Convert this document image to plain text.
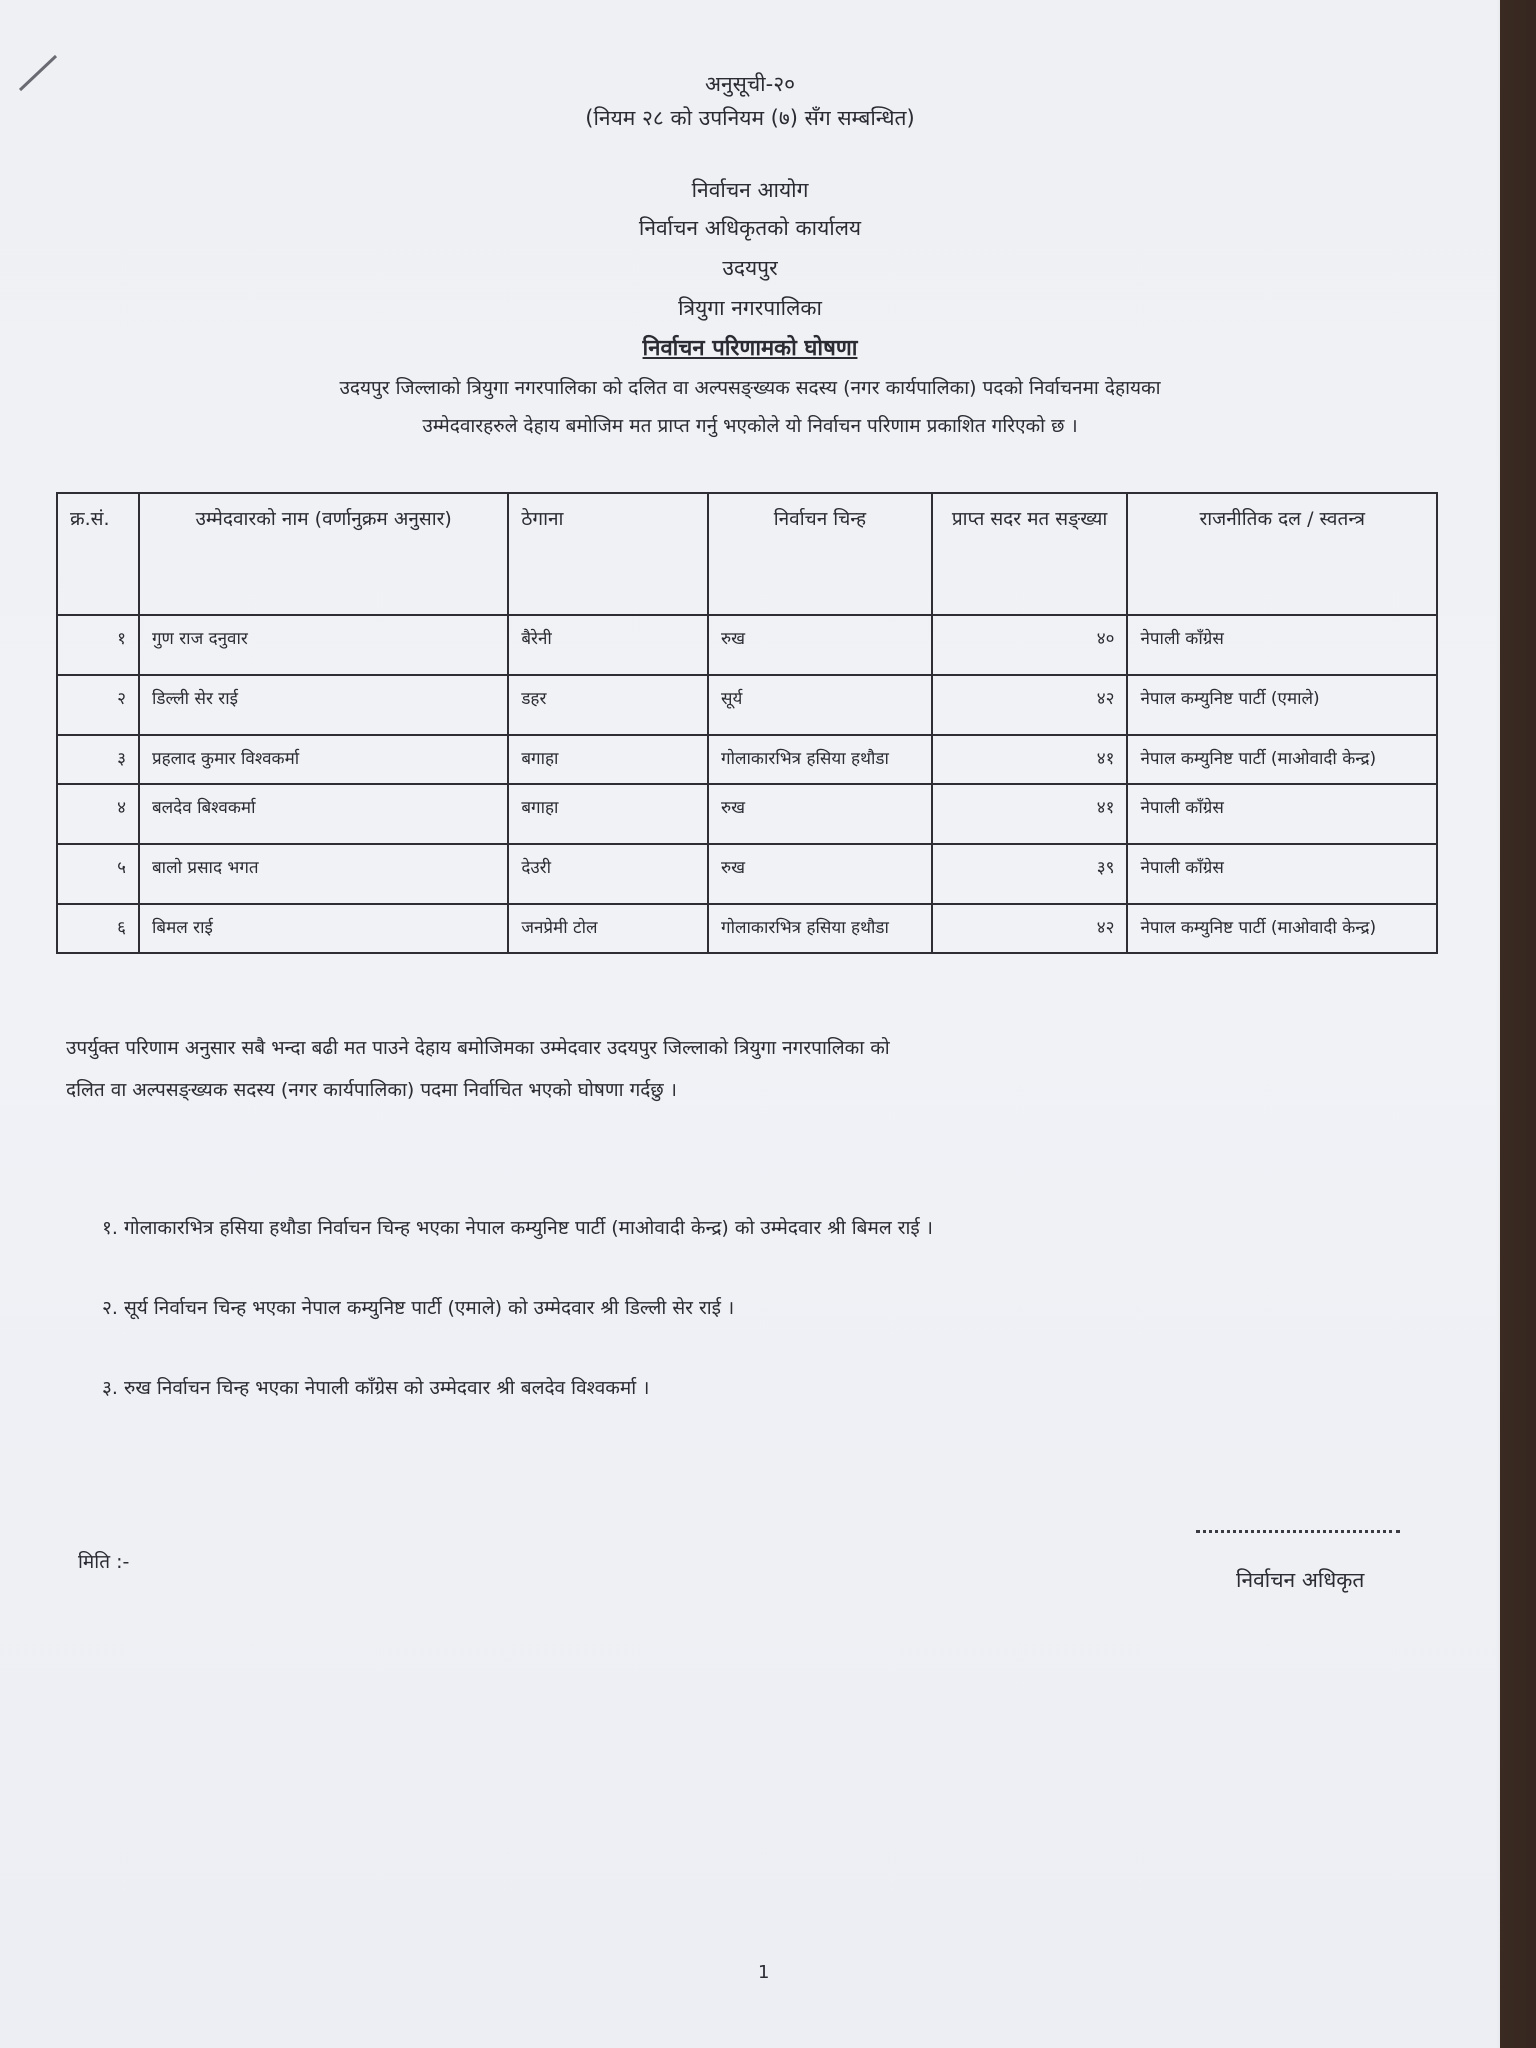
अनुसूची-२०
(नियम २८ को उपनियम (७) सँग सम्बन्धित)
निर्वाचन आयोग
निर्वाचन अधिकृतको कार्यालय
उदयपुर
त्रियुगा नगरपालिका
निर्वाचन परिणामको घोषणा
उदयपुर जिल्लाको त्रियुगा नगरपालिका को दलित वा अल्पसङ्ख्यक सदस्य (नगर कार्यपालिका) पदको निर्वाचनमा देहायका
उम्मेदवारहरुले देहाय बमोजिम मत प्राप्त गर्नु भएकोले यो निर्वाचन परिणाम प्रकाशित गरिएको छ ।
क्र.सं.	उम्मेदवारको नाम (वर्णानुक्रम अनुसार)	ठेगाना	निर्वाचन चिन्ह	प्राप्त सदर मत सङ्ख्या	राजनीतिक दल / स्वतन्त्र
१	गुण राज दनुवार	बैरेनी	रुख	४०	नेपाली काँग्रेस
२	डिल्ली सेर राई	डहर	सूर्य	४२	नेपाल कम्युनिष्ट पार्टी (एमाले)
३	प्रहलाद कुमार विश्वकर्मा	बगाहा	गोलाकारभित्र हसिया हथौडा	४१	नेपाल कम्युनिष्ट पार्टी (माओवादी केन्द्र)
४	बलदेव बिश्वकर्मा	बगाहा	रुख	४१	नेपाली काँग्रेस
५	बालो प्रसाद भगत	देउरी	रुख	३९	नेपाली काँग्रेस
६	बिमल राई	जनप्रेमी टोल	गोलाकारभित्र हसिया हथौडा	४२	नेपाल कम्युनिष्ट पार्टी (माओवादी केन्द्र)
उपर्युक्त परिणाम अनुसार सबै भन्दा बढी मत पाउने देहाय बमोजिमका उम्मेदवार उदयपुर जिल्लाको त्रियुगा नगरपालिका को
दलित वा अल्पसङ्ख्यक सदस्य (नगर कार्यपालिका) पदमा निर्वाचित भएको घोषणा गर्दछु ।
१. गोलाकारभित्र हसिया हथौडा निर्वाचन चिन्ह भएका नेपाल कम्युनिष्ट पार्टी (माओवादी केन्द्र) को उम्मेदवार श्री बिमल राई ।
२. सूर्य निर्वाचन चिन्ह भएका नेपाल कम्युनिष्ट पार्टी (एमाले) को उम्मेदवार श्री डिल्ली सेर राई ।
३. रुख निर्वाचन चिन्ह भएका नेपाली काँग्रेस को उम्मेदवार श्री बलदेव विश्वकर्मा ।
मिति :-
निर्वाचन अधिकृत
1
